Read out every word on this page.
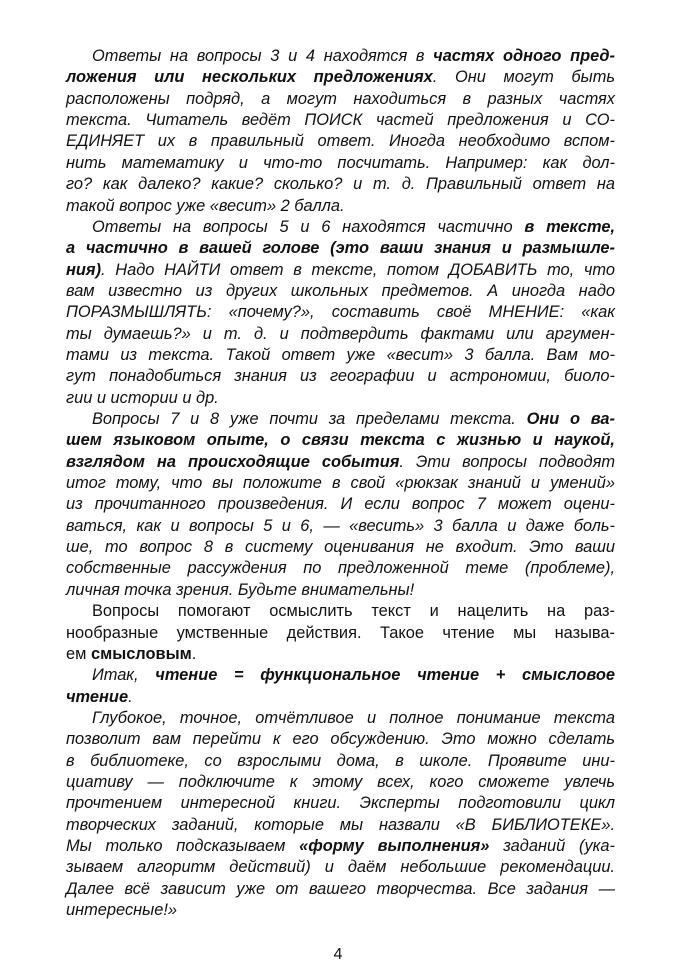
Ответы на вопросы 3 и 4 находятся в частях одного пред-
ложения или нескольких предложениях. Они могут быть
расположены подряд, а могут находиться в разных частях
текста. Читатель ведёт ПОИСК частей предложения и СО-
ЕДИНЯЕТ их в правильный ответ. Иногда необходимо вспом-
нить математику и что-то посчитать. Например: как дол-
го? как далеко? какие? сколько? и т. д. Правильный ответ на
такой вопрос уже «весит» 2 балла.
Ответы на вопросы 5 и 6 находятся частично в тексте,
а частично в вашей голове (это ваши знания и размышле-
ния). Надо НАЙТИ ответ в тексте, потом ДОБАВИТЬ то, что
вам известно из других школьных предметов. А иногда надо
ПОРАЗМЫШЛЯТЬ: «почему?», составить своё МНЕНИЕ: «как
ты думаешь?» и т. д. и подтвердить фактами или аргумен-
тами из текста. Такой ответ уже «весит» 3 балла. Вам мо-
гут понадобиться знания из географии и астрономии, биоло-
гии и истории и др.
Вопросы 7 и 8 уже почти за пределами текста. Они о ва-
шем языковом опыте, о связи текста с жизнью и наукой,
взглядом на происходящие события. Эти вопросы подводят
итог тому, что вы положите в свой «рюкзак знаний и умений»
из прочитанного произведения. И если вопрос 7 может оцени-
ваться, как и вопросы 5 и 6, — «весить» 3 балла и даже боль-
ше, то вопрос 8 в систему оценивания не входит. Это ваши
собственные рассуждения по предложенной теме (проблеме),
личная точка зрения. Будьте внимательны!
Вопросы помогают осмыслить текст и нацелить на раз-
нообразные умственные действия. Такое чтение мы называ-
ем смысловым.
Итак, чтение = функциональное чтение + смысловое
чтение.
Глубокое, точное, отчётливое и полное понимание текста
позволит вам перейти к его обсуждению. Это можно сделать
в библиотеке, со взрослыми дома, в школе. Проявите ини-
циативу — подключите к этому всех, кого сможете увлечь
прочтением интересной книги. Эксперты подготовили цикл
творческих заданий, которые мы назвали «В БИБЛИОТЕКЕ».
Мы только подсказываем «форму выполнения» заданий (ука-
зываем алгоритм действий) и даём небольшие рекомендации.
Далее всё зависит уже от вашего творчества. Все задания —
интересные!»
4
